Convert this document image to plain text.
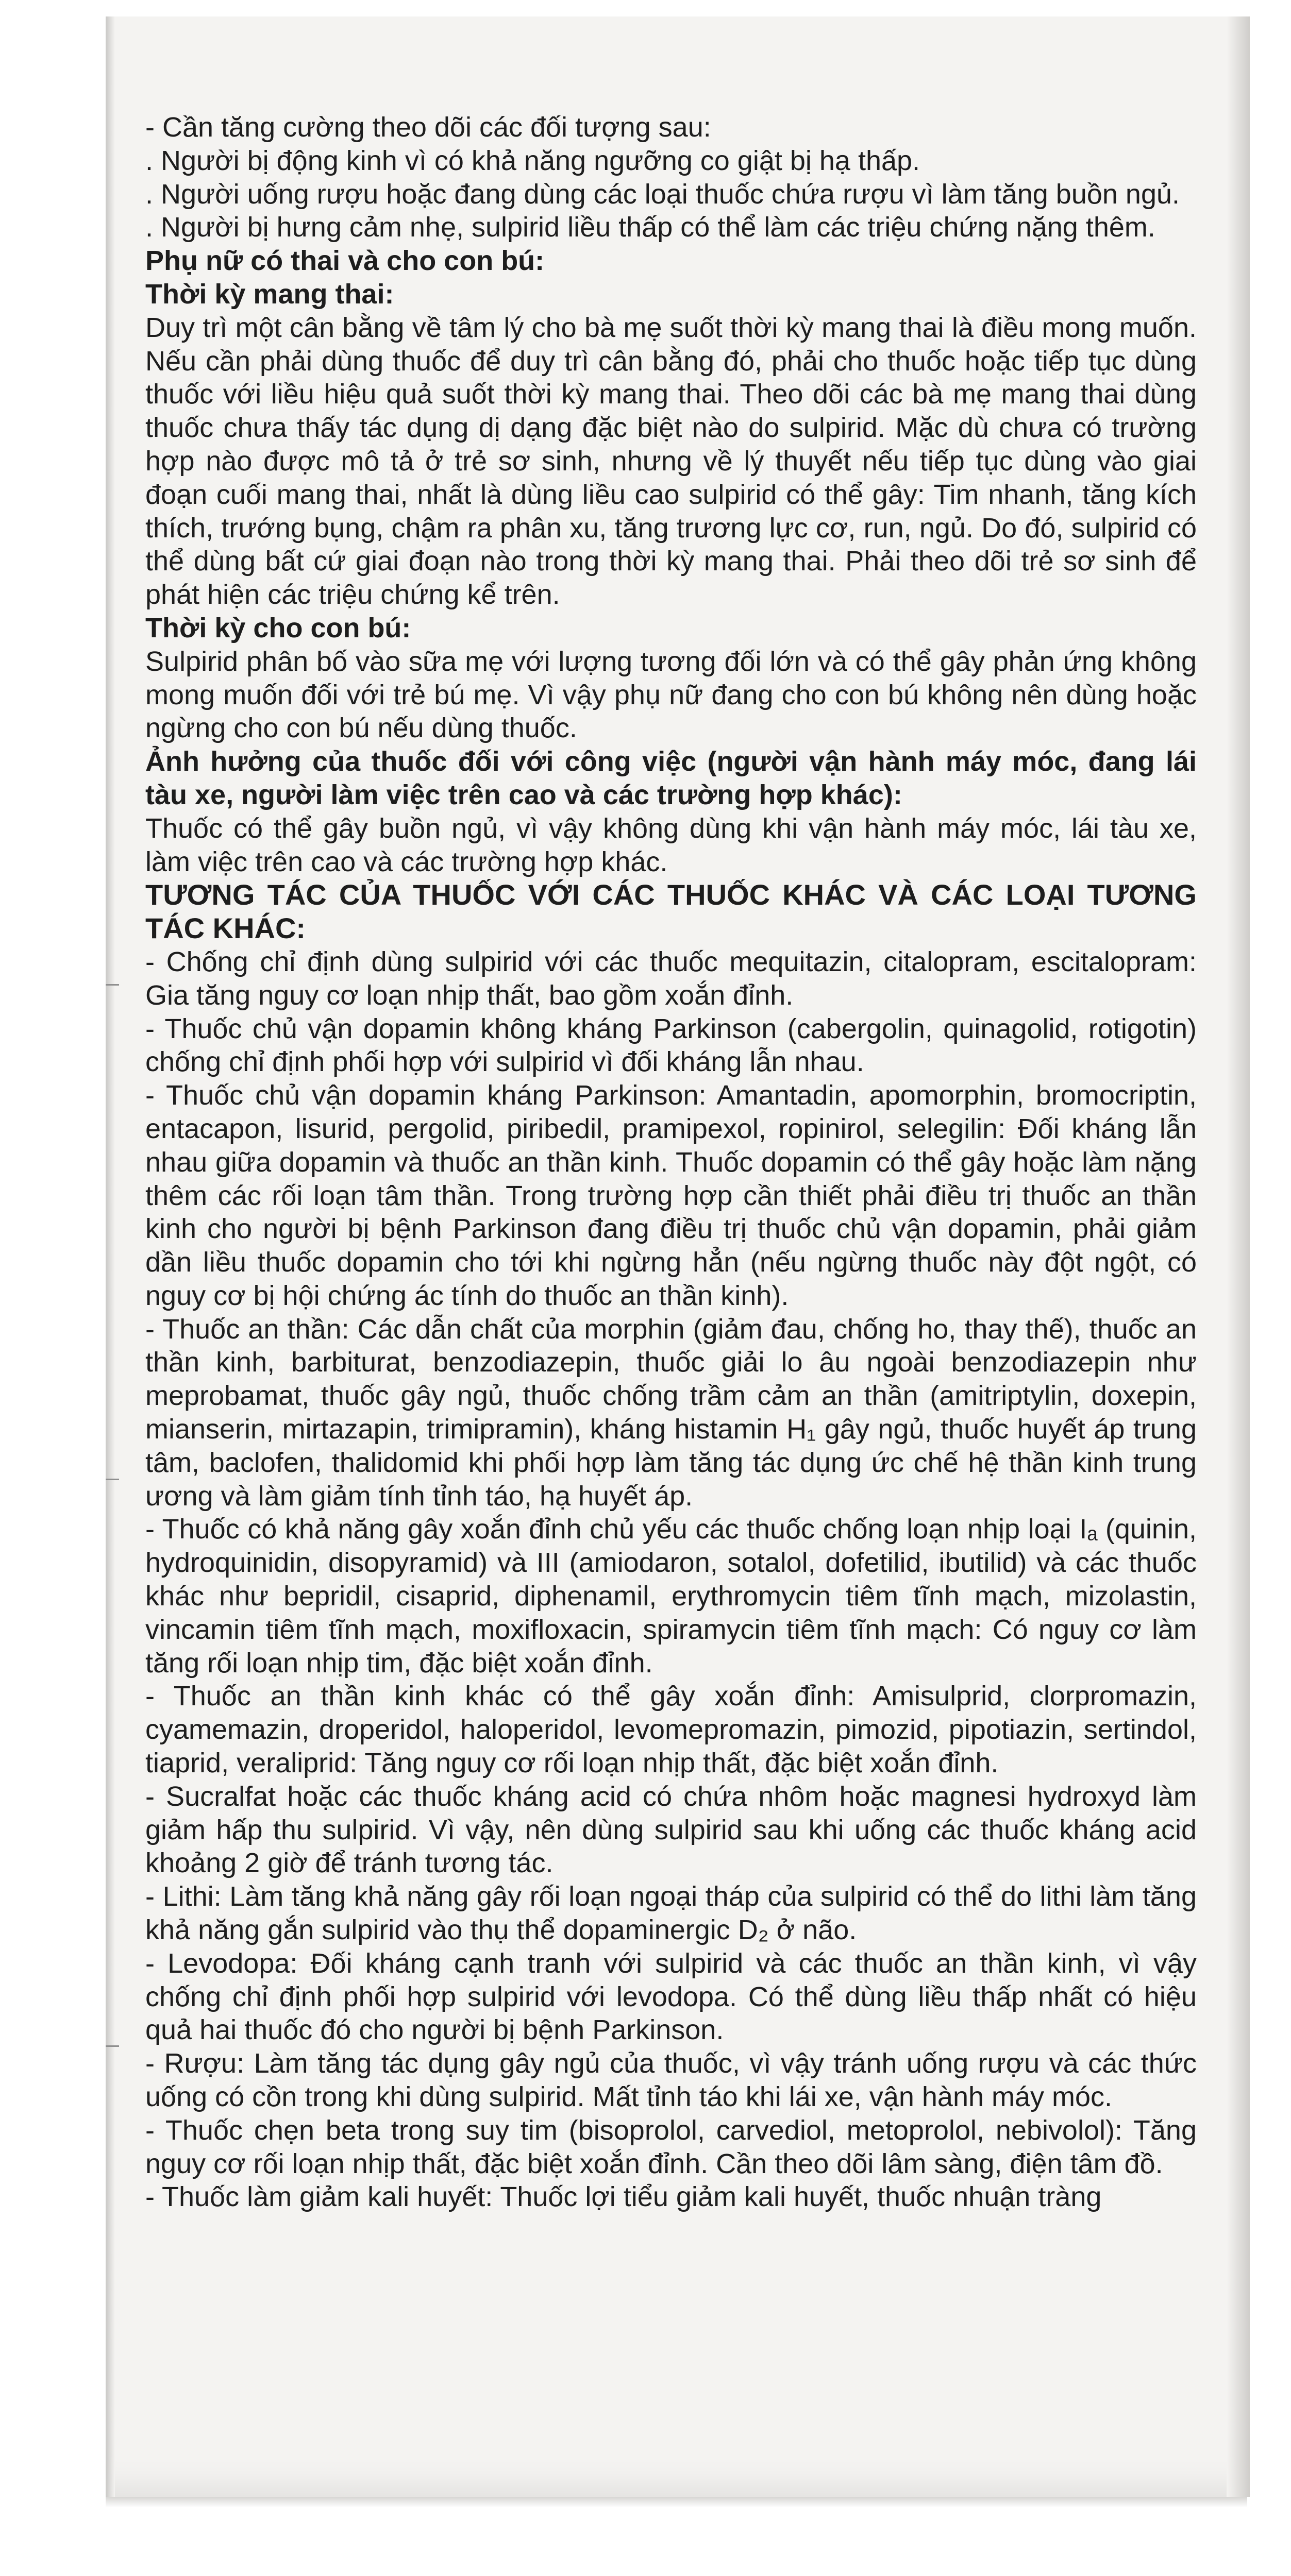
- Cần tăng cường theo dõi các đối tượng sau:

. Người bị động kinh vì có khả năng ngưỡng co giật bị hạ thấp.

. Người uống rượu hoặc đang dùng các loại thuốc chứa rượu vì làm tăng buồn ngủ.

. Người bị hưng cảm nhẹ, sulpirid liều thấp có thể làm các triệu chứng nặng thêm.

Phụ nữ có thai và cho con bú:

Thời kỳ mang thai:

Duy trì một cân bằng về tâm lý cho bà mẹ suốt thời kỳ mang thai là điều mong muốn. Nếu cần phải dùng thuốc để duy trì cân bằng đó, phải cho thuốc hoặc tiếp tục dùng thuốc với liều hiệu quả suốt thời kỳ mang thai. Theo dõi các bà mẹ mang thai dùng thuốc chưa thấy tác dụng dị dạng đặc biệt nào do sulpirid. Mặc dù chưa có trường hợp nào được mô tả ở trẻ sơ sinh, nhưng về lý thuyết nếu tiếp tục dùng vào giai đoạn cuối mang thai, nhất là dùng liều cao sulpirid có thể gây: Tim nhanh, tăng kích thích, trướng bụng, chậm ra phân xu, tăng trương lực cơ, run, ngủ. Do đó, sulpirid có thể dùng bất cứ giai đoạn nào trong thời kỳ mang thai. Phải theo dõi trẻ sơ sinh để phát hiện các triệu chứng kể trên.

Thời kỳ cho con bú:

Sulpirid phân bố vào sữa mẹ với lượng tương đối lớn và có thể gây phản ứng không mong muốn đối với trẻ bú mẹ. Vì vậy phụ nữ đang cho con bú không nên dùng hoặc ngừng cho con bú nếu dùng thuốc.

Ảnh hưởng của thuốc đối với công việc (người vận hành máy móc, đang lái tàu xe, người làm việc trên cao và các trường hợp khác):

Thuốc có thể gây buồn ngủ, vì vậy không dùng khi vận hành máy móc, lái tàu xe, làm việc trên cao và các trường hợp khác.

TƯƠNG TÁC CỦA THUỐC VỚI CÁC THUỐC KHÁC VÀ CÁC LOẠI TƯƠNG TÁC KHÁC:

- Chống chỉ định dùng sulpirid với các thuốc mequitazin, citalopram, escitalopram: Gia tăng nguy cơ loạn nhịp thất, bao gồm xoắn đỉnh.

- Thuốc chủ vận dopamin không kháng Parkinson (cabergolin, quinagolid, rotigotin) chống chỉ định phối hợp với sulpirid vì đối kháng lẫn nhau.

- Thuốc chủ vận dopamin kháng Parkinson: Amantadin, apomorphin, bromocriptin, entacapon, lisurid, pergolid, piribedil, pramipexol, ropinirol, selegilin: Đối kháng lẫn nhau giữa dopamin và thuốc an thần kinh. Thuốc dopamin có thể gây hoặc làm nặng thêm các rối loạn tâm thần. Trong trường hợp cần thiết phải điều trị thuốc an thần kinh cho người bị bệnh Parkinson đang điều trị thuốc chủ vận dopamin, phải giảm dần liều thuốc dopamin cho tới khi ngừng hẳn (nếu ngừng thuốc này đột ngột, có nguy cơ bị hội chứng ác tính do thuốc an thần kinh).

- Thuốc an thần: Các dẫn chất của morphin (giảm đau, chống ho, thay thế), thuốc an thần kinh, barbiturat, benzodiazepin, thuốc giải lo âu ngoài benzodiazepin như meprobamat, thuốc gây ngủ, thuốc chống trầm cảm an thần (amitriptylin, doxepin, mianserin, mirtazapin, trimipramin), kháng histamin H₁ gây ngủ, thuốc huyết áp trung tâm, baclofen, thalidomid khi phối hợp làm tăng tác dụng ức chế hệ thần kinh trung ương và làm giảm tính tỉnh táo, hạ huyết áp.

- Thuốc có khả năng gây xoắn đỉnh chủ yếu các thuốc chống loạn nhịp loại Iₐ (quinin, hydroquinidin, disopyramid) và III (amiodaron, sotalol, dofetilid, ibutilid) và các thuốc khác như bepridil, cisaprid, diphenamil, erythromycin tiêm tĩnh mạch, mizolastin, vincamin tiêm tĩnh mạch, moxifloxacin, spiramycin tiêm tĩnh mạch: Có nguy cơ làm tăng rối loạn nhịp tim, đặc biệt xoắn đỉnh.

- Thuốc an thần kinh khác có thể gây xoắn đỉnh: Amisulprid, clorpromazin, cyamemazin, droperidol, haloperidol, levomepromazin, pimozid, pipotiazin, sertindol, tiaprid, veraliprid: Tăng nguy cơ rối loạn nhịp thất, đặc biệt xoắn đỉnh.

- Sucralfat hoặc các thuốc kháng acid có chứa nhôm hoặc magnesi hydroxyd làm giảm hấp thu sulpirid. Vì vậy, nên dùng sulpirid sau khi uống các thuốc kháng acid khoảng 2 giờ để tránh tương tác.

- Lithi: Làm tăng khả năng gây rối loạn ngoại tháp của sulpirid có thể do lithi làm tăng khả năng gắn sulpirid vào thụ thể dopaminergic D₂ ở não.

- Levodopa: Đối kháng cạnh tranh với sulpirid và các thuốc an thần kinh, vì vậy chống chỉ định phối hợp sulpirid với levodopa. Có thể dùng liều thấp nhất có hiệu quả hai thuốc đó cho người bị bệnh Parkinson.

- Rượu: Làm tăng tác dụng gây ngủ của thuốc, vì vậy tránh uống rượu và các thức uống có cồn trong khi dùng sulpirid. Mất tỉnh táo khi lái xe, vận hành máy móc.

- Thuốc chẹn beta trong suy tim (bisoprolol, carvediol, metoprolol, nebivolol): Tăng nguy cơ rối loạn nhịp thất, đặc biệt xoắn đỉnh. Cần theo dõi lâm sàng, điện tâm đồ.

- Thuốc làm giảm kali huyết: Thuốc lợi tiểu giảm kali huyết, thuốc nhuận tràng
